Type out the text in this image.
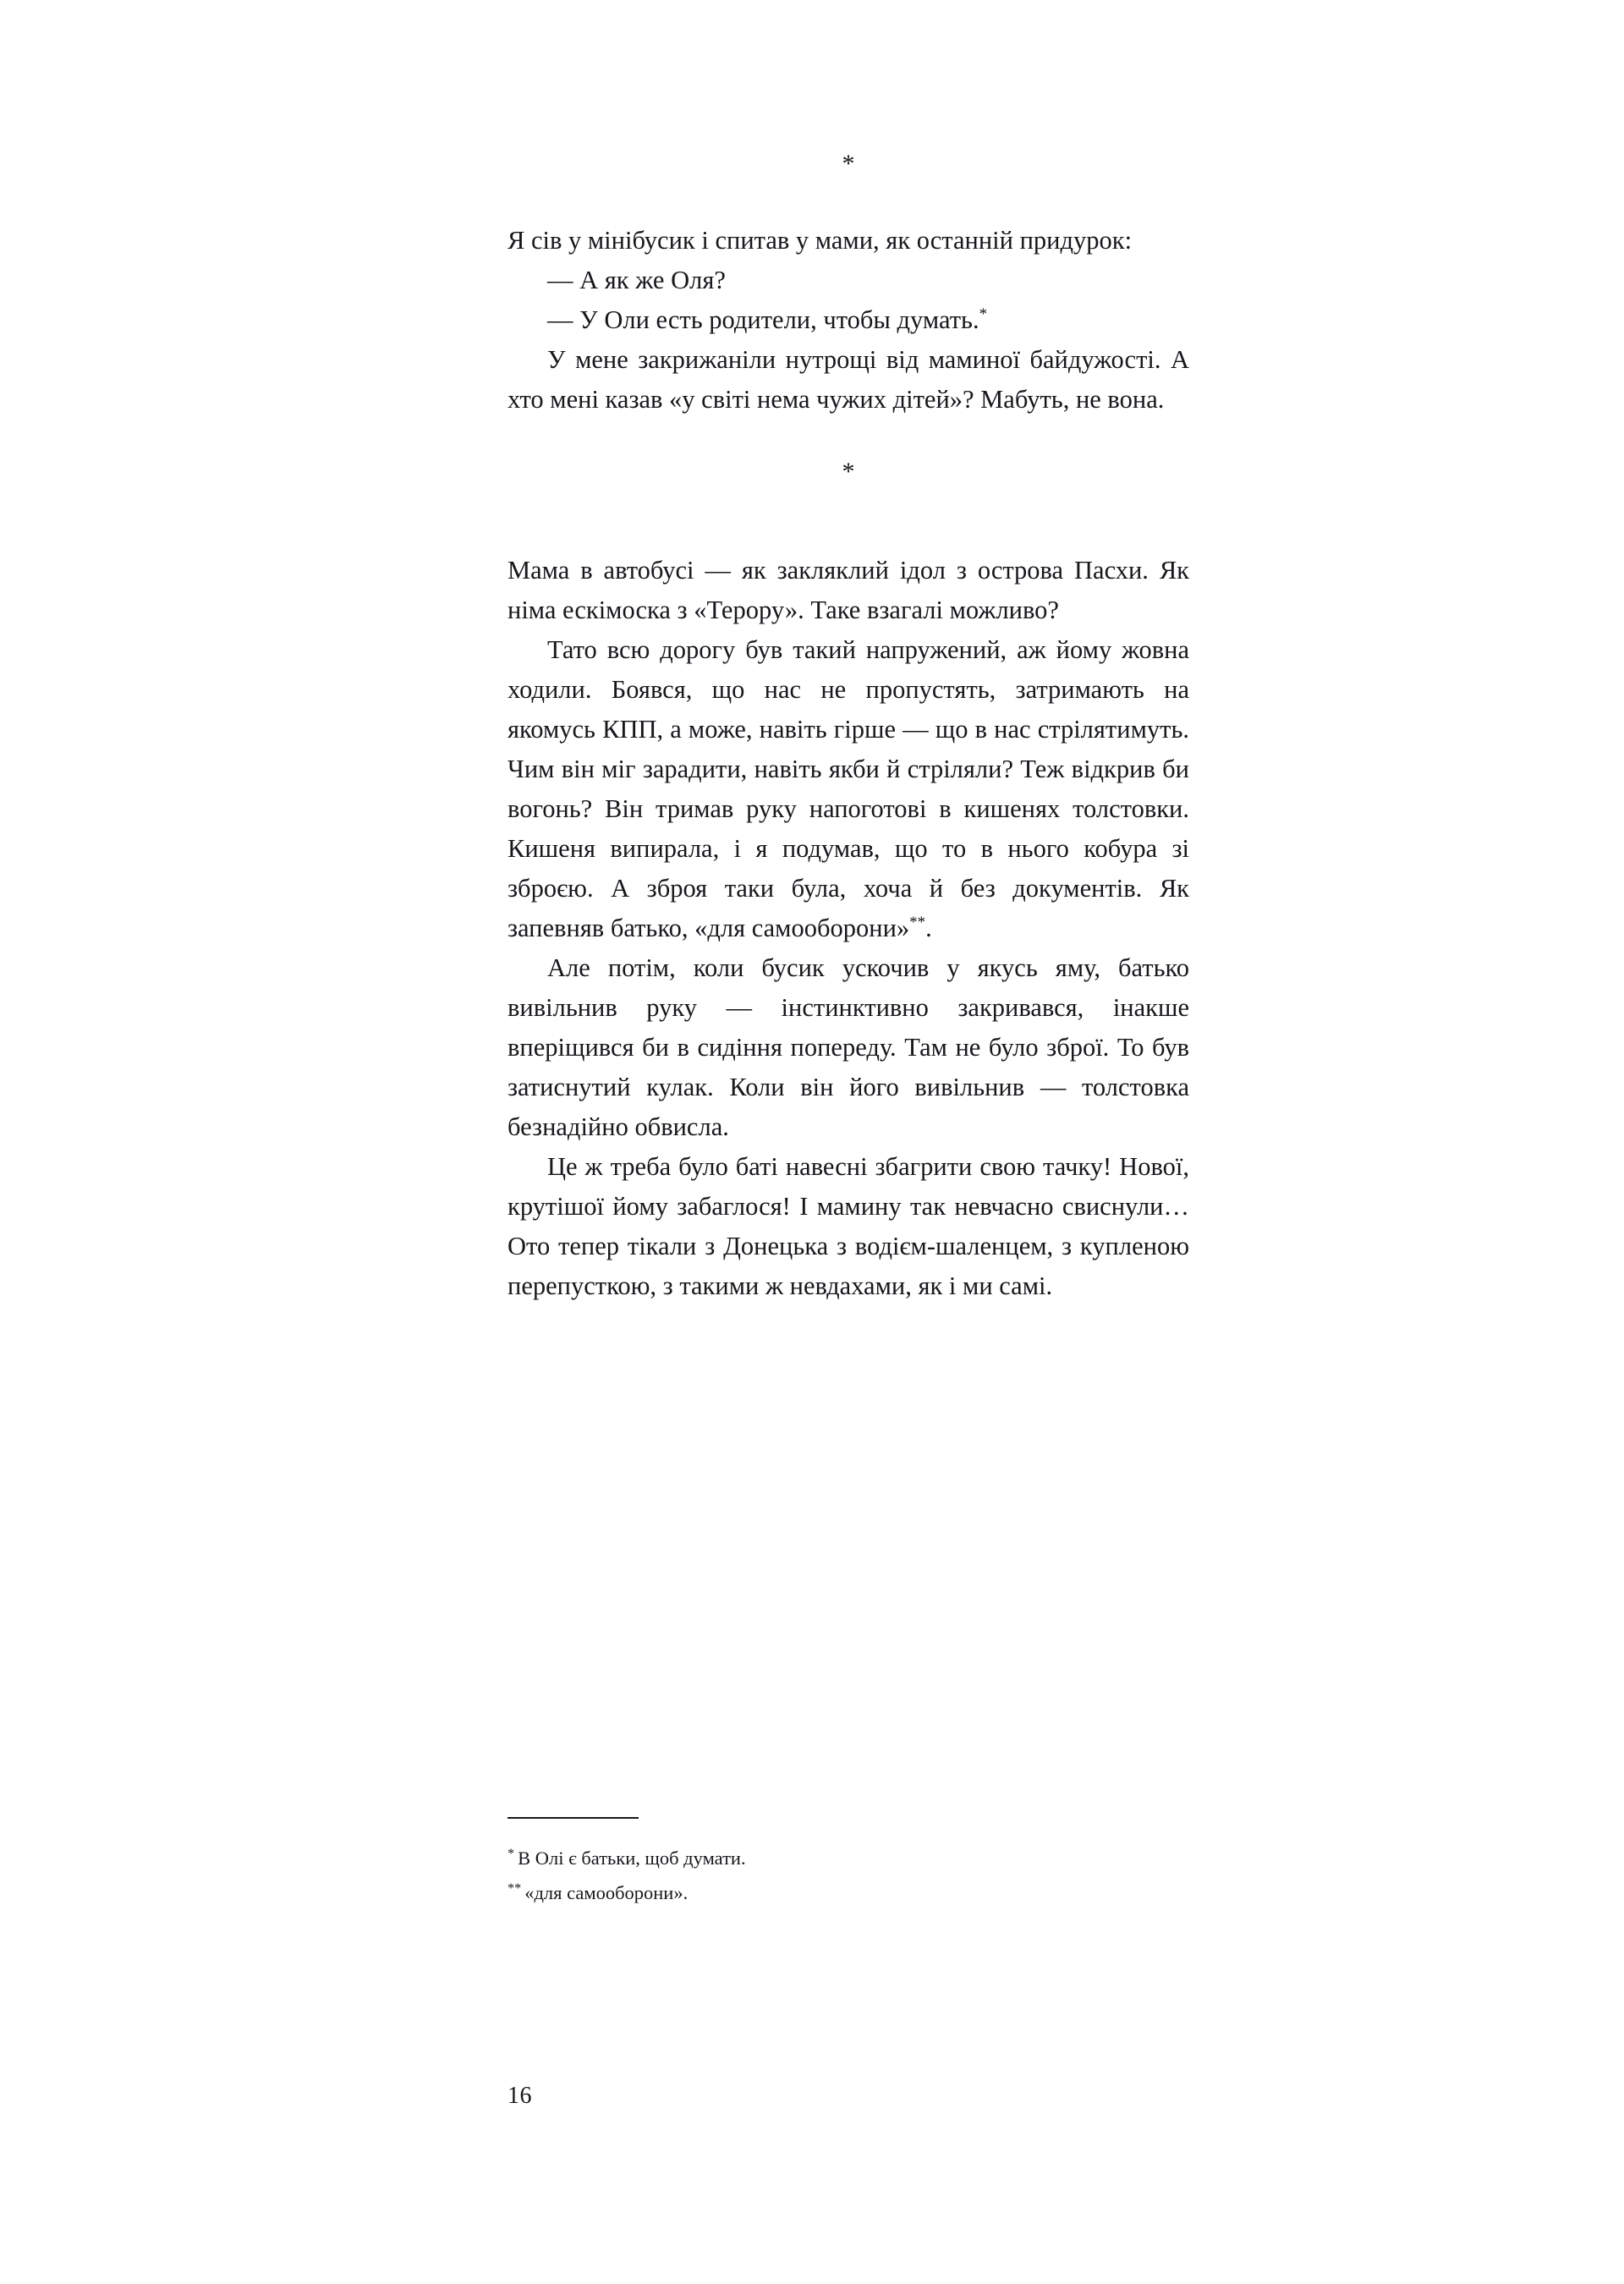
*

Я сів у мінібусик і спитав у мами, як останній придурок:

— А як же Оля?

— У Оли есть родители, чтобы думать.*

У мене закрижаніли нутрощі від маминої байдужості. А хто мені казав «у світі нема чужих дітей»? Мабуть, не вона.

*

Мама в автобусі — як закляклий ідол з острова Пасхи. Як німа ескімоска з «Терору». Таке взагалі можливо?

Тато всю дорогу був такий напружений, аж йому жовна ходили. Боявся, що нас не пропустять, затримають на якомусь КПП, а може, навіть гірше — що в нас стрілятимуть. Чим він міг зарадити, навіть якби й стріляли? Теж відкрив би вогонь? Він тримав руку напоготові в кишенях толстовки. Кишеня випирала, і я подумав, що то в нього кобура зі зброєю. А зброя таки була, хоча й без документів. Як запевняв батько, «для самооборони»**.

Але потім, коли бусик ускочив у якусь яму, батько вивільнив руку — інстинктивно закривався, інакше вперіщився би в сидіння попереду. Там не було зброї. То був затиснутий кулак. Коли він його вивільнив — толстовка безнадійно обвисла.

Це ж треба було баті навесні збагрити свою тачку! Нової, крутішої йому забаглося! І мамину так невчасно свиснули… Ото тепер тікали з Донецька з водієм-шаленцем, з купленою перепусткою, з такими ж невдахами, як і ми самі.

* В Олі є батьки, щоб думати.

** «для самооборони».

16
